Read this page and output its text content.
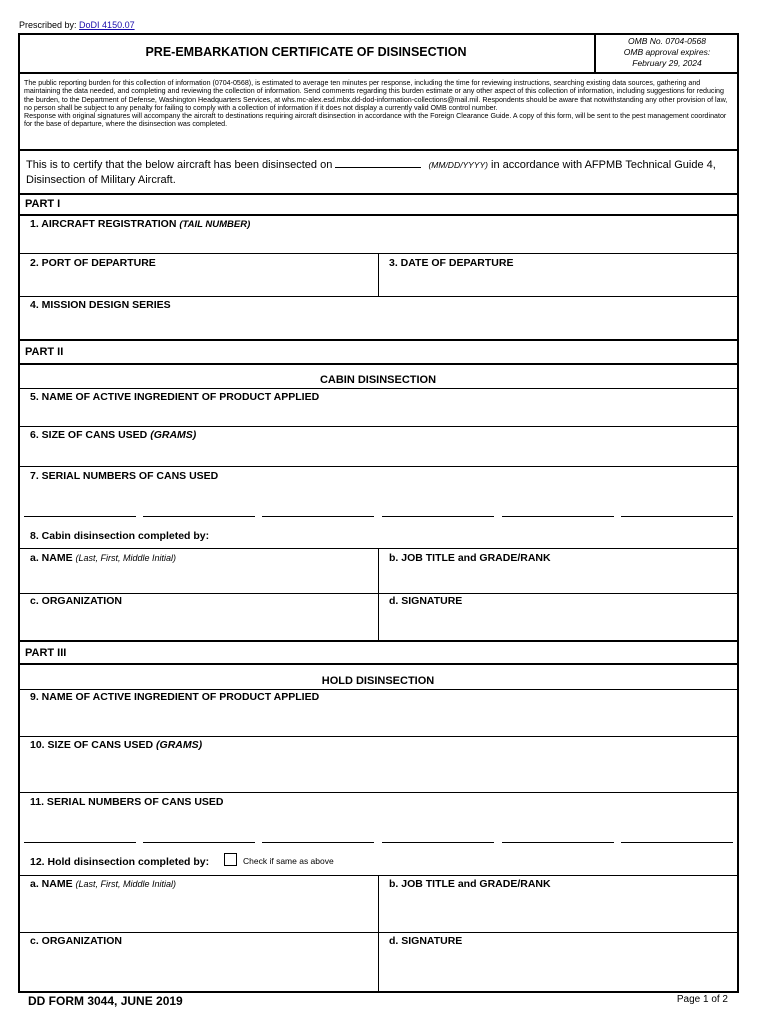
Prescribed by: DoDI 4150.07
PRE-EMBARKATION CERTIFICATE OF DISINSECTION
OMB No. 0704-0568
OMB approval expires:
February 29, 2024
The public reporting burden for this collection of information (0704-0568), is estimated to average ten minutes per response, including the time for reviewing instructions, searching existing data sources, gathering and maintaining the data needed, and completing and reviewing the collection of information. Send comments regarding this burden estimate or any other aspect of this collection of information, including suggestions for reducing the burden, to the Department of Defense, Washington Headquarters Services, at whs.mc-alex.esd.mbx.dd-dod-information-collections@mail.mil. Respondents should be aware that notwithstanding any other provision of law, no person shall be subject to any penalty for failing to comply with a collection of information if it does not display a currently valid OMB control number.
Response with original signatures will accompany the aircraft to destinations requiring aircraft disinsection in accordance with the Foreign Clearance Guide. A copy of this form, will be sent to the pest management coordinator for the base of departure, where the disinsection was completed.
This is to certify that the below aircraft has been disinsected on	(MM/DD/YYYY) in accordance with AFPMB Technical Guide 4,
Disinsection of Military Aircraft.
PART I
1. AIRCRAFT REGISTRATION (TAIL NUMBER)
2. PORT OF DEPARTURE	3. DATE OF DEPARTURE
4. MISSION DESIGN SERIES
PART II
CABIN DISINSECTION
5. NAME OF ACTIVE INGREDIENT OF PRODUCT APPLIED
6. SIZE OF CANS USED (GRAMS)
7. SERIAL NUMBERS OF CANS USED
8. Cabin disinsection completed by:
a. NAME (Last, First, Middle Initial)	b. JOB TITLE and GRADE/RANK
c. ORGANIZATION	d. SIGNATURE
PART III
HOLD DISINSECTION
9. NAME OF ACTIVE INGREDIENT OF PRODUCT APPLIED
10. SIZE OF CANS USED (GRAMS)
11. SERIAL NUMBERS OF CANS USED
12. Hold disinsection completed by:	Check if same as above
a. NAME (Last, First, Middle Initial)	b. JOB TITLE and GRADE/RANK
c. ORGANIZATION	d. SIGNATURE
DD FORM 3044, JUNE 2019	Page 1 of 2
